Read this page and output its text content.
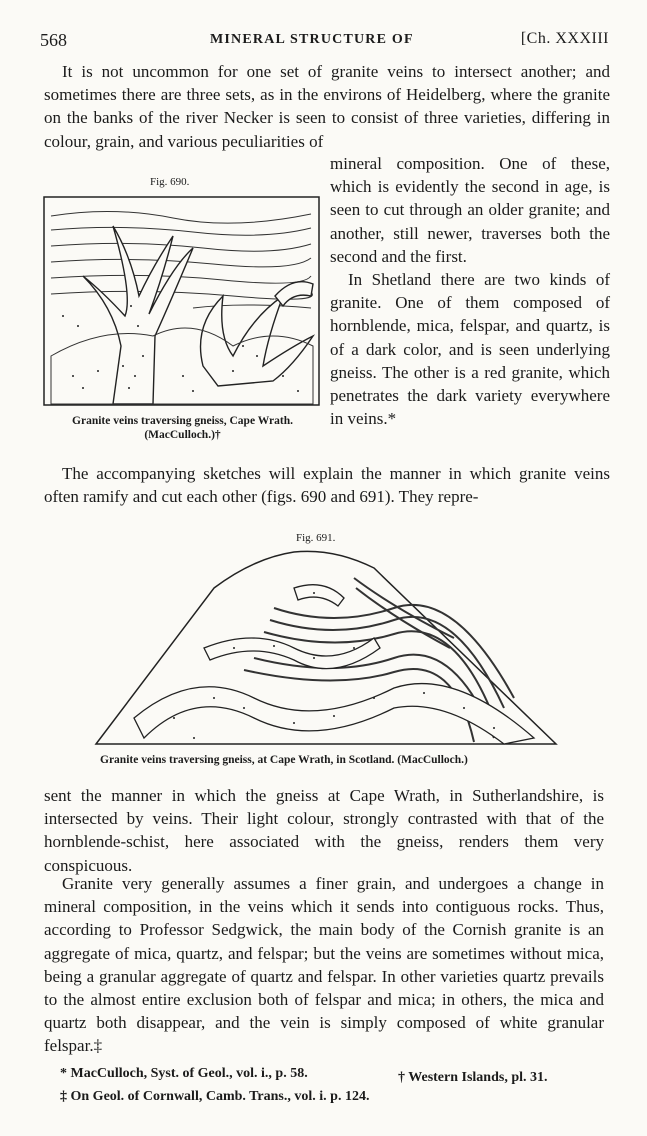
568	MINERAL STRUCTURE OF	[Ch. XXXIII

It is not uncommon for one set of granite veins to intersect another; and sometimes there are three sets, as in the environs of Heidelberg, where the granite on the banks of the river Necker is seen to consist of three varieties, differing in colour, grain, and various peculiarities of

Fig. 690.
Granite veins traversing gneiss, Cape Wrath.
(MacCulloch.)†

mineral composition. One of these, which is evidently the second in age, is seen to cut through an older granite; and another, still newer, traverses both the second and the first.

In Shetland there are two kinds of granite. One of them composed of hornblende, mica, felspar, and quartz, is of a dark color, and is seen underlying gneiss. The other is a red granite, which penetrates the dark variety everywhere in veins.*

The accompanying sketches will explain the manner in which granite veins often ramify and cut each other (figs. 690 and 691). They repre-

Fig. 691.
Granite veins traversing gneiss, at Cape Wrath, in Scotland. (MacCulloch.)

sent the manner in which the gneiss at Cape Wrath, in Sutherlandshire, is intersected by veins. Their light colour, strongly contrasted with that of the hornblende-schist, here associated with the gneiss, renders them very conspicuous.

Granite very generally assumes a finer grain, and undergoes a change in mineral composition, in the veins which it sends into contiguous rocks. Thus, according to Professor Sedgwick, the main body of the Cornish granite is an aggregate of mica, quartz, and felspar; but the veins are sometimes without mica, being a granular aggregate of quartz and felspar. In other varieties quartz prevails to the almost entire exclusion both of felspar and mica; in others, the mica and quartz both disappear, and the vein is simply composed of white granular felspar.‡

* MacCulloch, Syst. of Geol., vol. i., p. 58.	† Western Islands, pl. 31.
‡ On Geol. of Cornwall, Camb. Trans., vol. i. p. 124.
